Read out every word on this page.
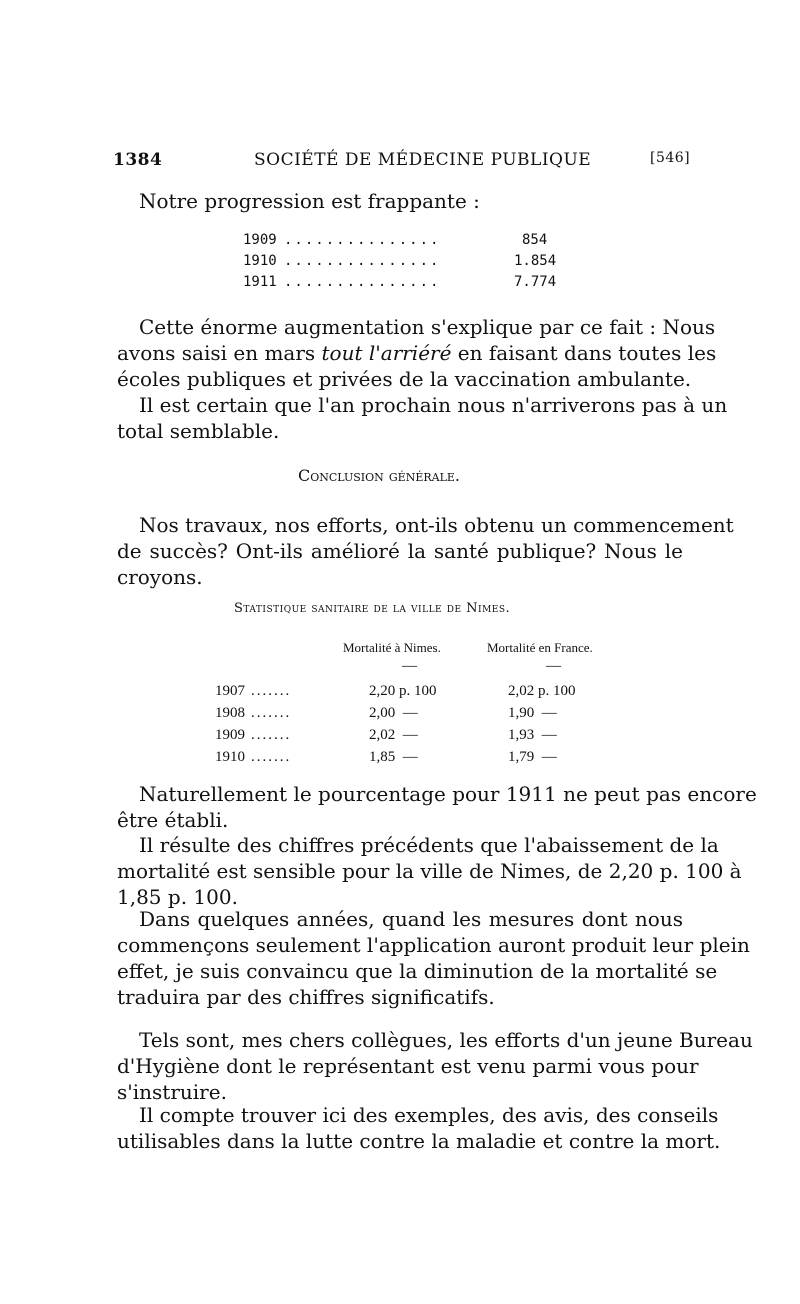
1384	SOCIÉTÉ DE MÉDECINE PUBLIQUE	[546]

Notre progression est frappante :

1909 ...............	854
1910 ...............	1.854
1911 ...............	7.774

Cette énorme augmentation s'explique par ce fait : Nous
avons saisi en mars tout l'arriéré en faisant dans toutes les
écoles publiques et privées de la vaccination ambulante.

Il est certain que l'an prochain nous n'arriverons pas à un
total semblable.

Conclusion générale.

Nos travaux, nos efforts, ont-ils obtenu un commencement
de succès? Ont-ils amélioré la santé publique? Nous le
croyons.

Statistique sanitaire de la ville de Nimes.
Mortalité à Nimes.	Mortalité en France.
—	—
1907 .......	2,20 p. 100	2,02 p. 100
1908 .......	2,00  —	1,90  —
1909 .......	2,02  —	1,93  —
1910 .......	1,85  —	1,79  —

Naturellement le pourcentage pour 1911 ne peut pas encore
être établi.

Il résulte des chiffres précédents que l'abaissement de la
mortalité est sensible pour la ville de Nimes, de 2,20 p. 100 à
1,85 p. 100.

Dans quelques années, quand les mesures dont nous
commençons seulement l'application auront produit leur plein
effet, je suis convaincu que la diminution de la mortalité se
traduira par des chiffres significatifs.

Tels sont, mes chers collègues, les efforts d'un jeune Bureau
d'Hygiène dont le représentant est venu parmi vous pour
s'instruire.

Il compte trouver ici des exemples, des avis, des conseils
utilisables dans la lutte contre la maladie et contre la mort.
